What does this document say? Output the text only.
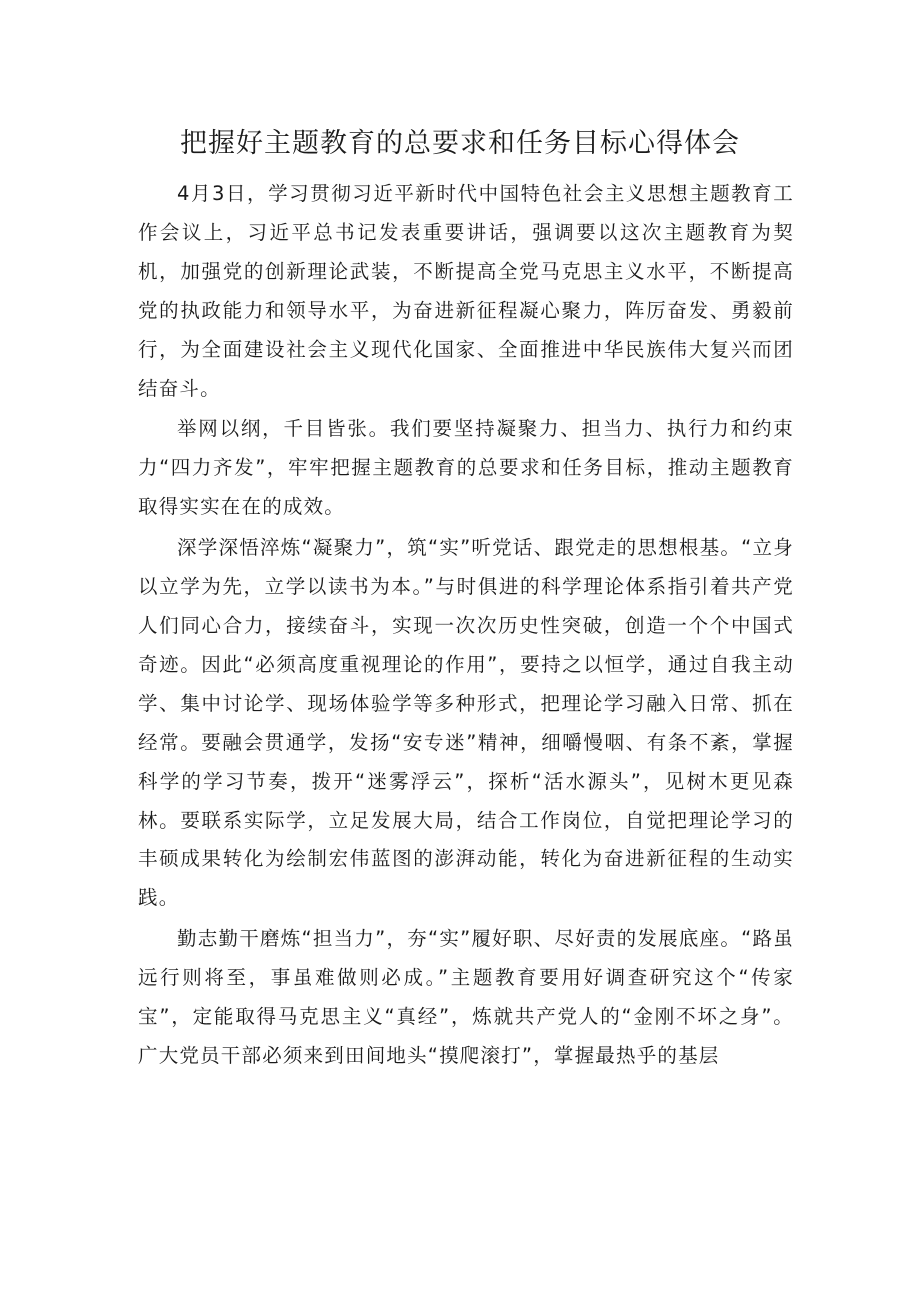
把握好主题教育的总要求和任务目标心得体会

4月3日，学习贯彻习近平新时代中国特色社会主义思想主题教育工作会议上，习近平总书记发表重要讲话，强调要以这次主题教育为契机，加强党的创新理论武装，不断提高全党马克思主义水平，不断提高党的执政能力和领导水平，为奋进新征程凝心聚力，阵厉奋发、勇毅前行，为全面建设社会主义现代化国家、全面推进中华民族伟大复兴而团结奋斗。

举网以纲，千目皆张。我们要坚持凝聚力、担当力、执行力和约束力“四力齐发”，牢牢把握主题教育的总要求和任务目标，推动主题教育取得实实在在的成效。

深学深悟淬炼“凝聚力”，筑“实”听党话、跟党走的思想根基。“立身以立学为先，立学以读书为本。”与时俱进的科学理论体系指引着共产党人们同心合力，接续奋斗，实现一次次历史性突破，创造一个个中国式奇迹。因此“必须高度重视理论的作用”，要持之以恒学，通过自我主动学、集中讨论学、现场体验学等多种形式，把理论学习融入日常、抓在经常。要融会贯通学，发扬“安专迷”精神，细嚼慢咽、有条不紊，掌握科学的学习节奏，拨开“迷雾浮云”，探析“活水源头”，见树木更见森林。要联系实际学，立足发展大局，结合工作岗位，自觉把理论学习的丰硕成果转化为绘制宏伟蓝图的澎湃动能，转化为奋进新征程的生动实践。

勤志勤干磨炼“担当力”，夯“实”履好职、尽好责的发展底座。“路虽远行则将至，事虽难做则必成。”主题教育要用好调查研究这个“传家宝”，定能取得马克思主义“真经”，炼就共产党人的“金刚不坏之身”。广大党员干部必须来到田间地头“摸爬滚打”，掌握最热乎的基层
